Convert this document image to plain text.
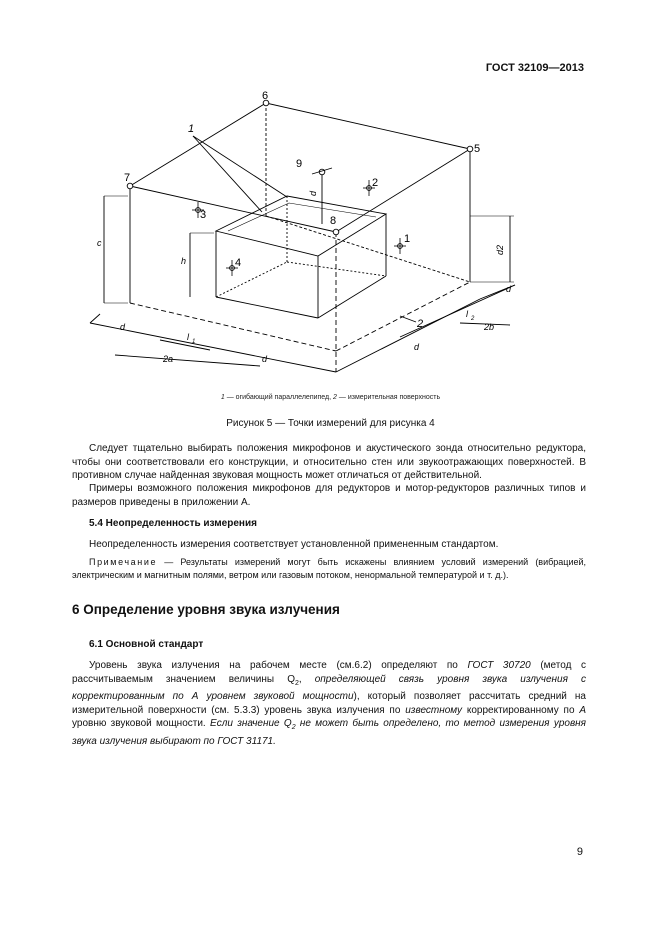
ГОСТ 32109—2013
1
2
3
4
5
6
7
8
9
1
2
c
h
d2
d
d
d
d
d
l 1
l 2
2a
2b
1 — огибающий параллелепипед, 2 — измерительная поверхность
Рисунок 5 — Точки измерений для рисунка 4
Следует тщательно выбирать положения микрофонов и акустического зонда относительно редуктора, чтобы они соответствовали его конструкции, и относительно стен или звукоотражающих поверхностей. В противном случае найденная звуковая мощность может отличаться от действительной.
Примеры возможного положения микрофонов для редукторов и мотор-редукторов различных типов и размеров приведены в приложении А.
5.4 Неопределенность измерения
Неопределенность измерения соответствует установленной примененным стандартом.
Примечание — Результаты измерений могут быть искажены влиянием условий измерений (вибрацией, электрическим и магнитным полями, ветром или газовым потоком, ненормальной температурой и т. д.).
6 Определение уровня звука излучения
6.1 Основной стандарт
Уровень звука излучения на рабочем месте (см.6.2) определяют по ГОСТ 30720 (метод с рассчитываемым значением величины $Q_2$, определяющей связь уровня звука излучения с корректированным по А уровнем звуковой мощности), который позволяет рассчитать средний на измерительной поверхности (см. 5.3.3) уровень звука излучения по известному корректированному по А уровню звуковой мощности. Если значение $Q_2$ не может быть определено, то метод измерения уровня звука излучения выбирают по ГОСТ 31171.
9
